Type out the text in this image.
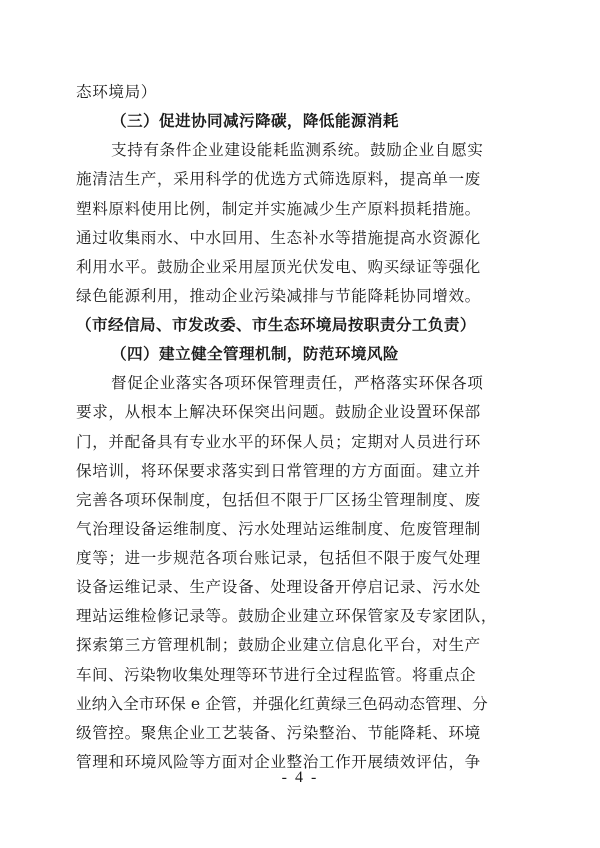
态环境局）
（三）促进协同减污降碳，降低能源消耗
支持有条件企业建设能耗监测系统。鼓励企业自愿实
施清洁生产，采用科学的优选方式筛选原料，提高单一废
塑料原料使用比例，制定并实施减少生产原料损耗措施。
通过收集雨水、中水回用、生态补水等措施提高水资源化
利用水平。鼓励企业采用屋顶光伏发电、购买绿证等强化
绿色能源利用，推动企业污染减排与节能降耗协同增效。
（市经信局、市发改委、市生态环境局按职责分工负责）
（四）建立健全管理机制，防范环境风险
督促企业落实各项环保管理责任，严格落实环保各项
要求，从根本上解决环保突出问题。鼓励企业设置环保部
门，并配备具有专业水平的环保人员；定期对人员进行环
保培训，将环保要求落实到日常管理的方方面面。建立并
完善各项环保制度，包括但不限于厂区扬尘管理制度、废
气治理设备运维制度、污水处理站运维制度、危废管理制
度等；进一步规范各项台账记录，包括但不限于废气处理
设备运维记录、生产设备、处理设备开停启记录、污水处
理站运维检修记录等。鼓励企业建立环保管家及专家团队，
探索第三方管理机制；鼓励企业建立信息化平台，对生产
车间、污染物收集处理等环节进行全过程监管。将重点企
业纳入全市环保 e 企管，并强化红黄绿三色码动态管理、分
级管控。聚焦企业工艺装备、污染整治、节能降耗、环境
管理和环境风险等方面对企业整治工作开展绩效评估，争
- 4 -
